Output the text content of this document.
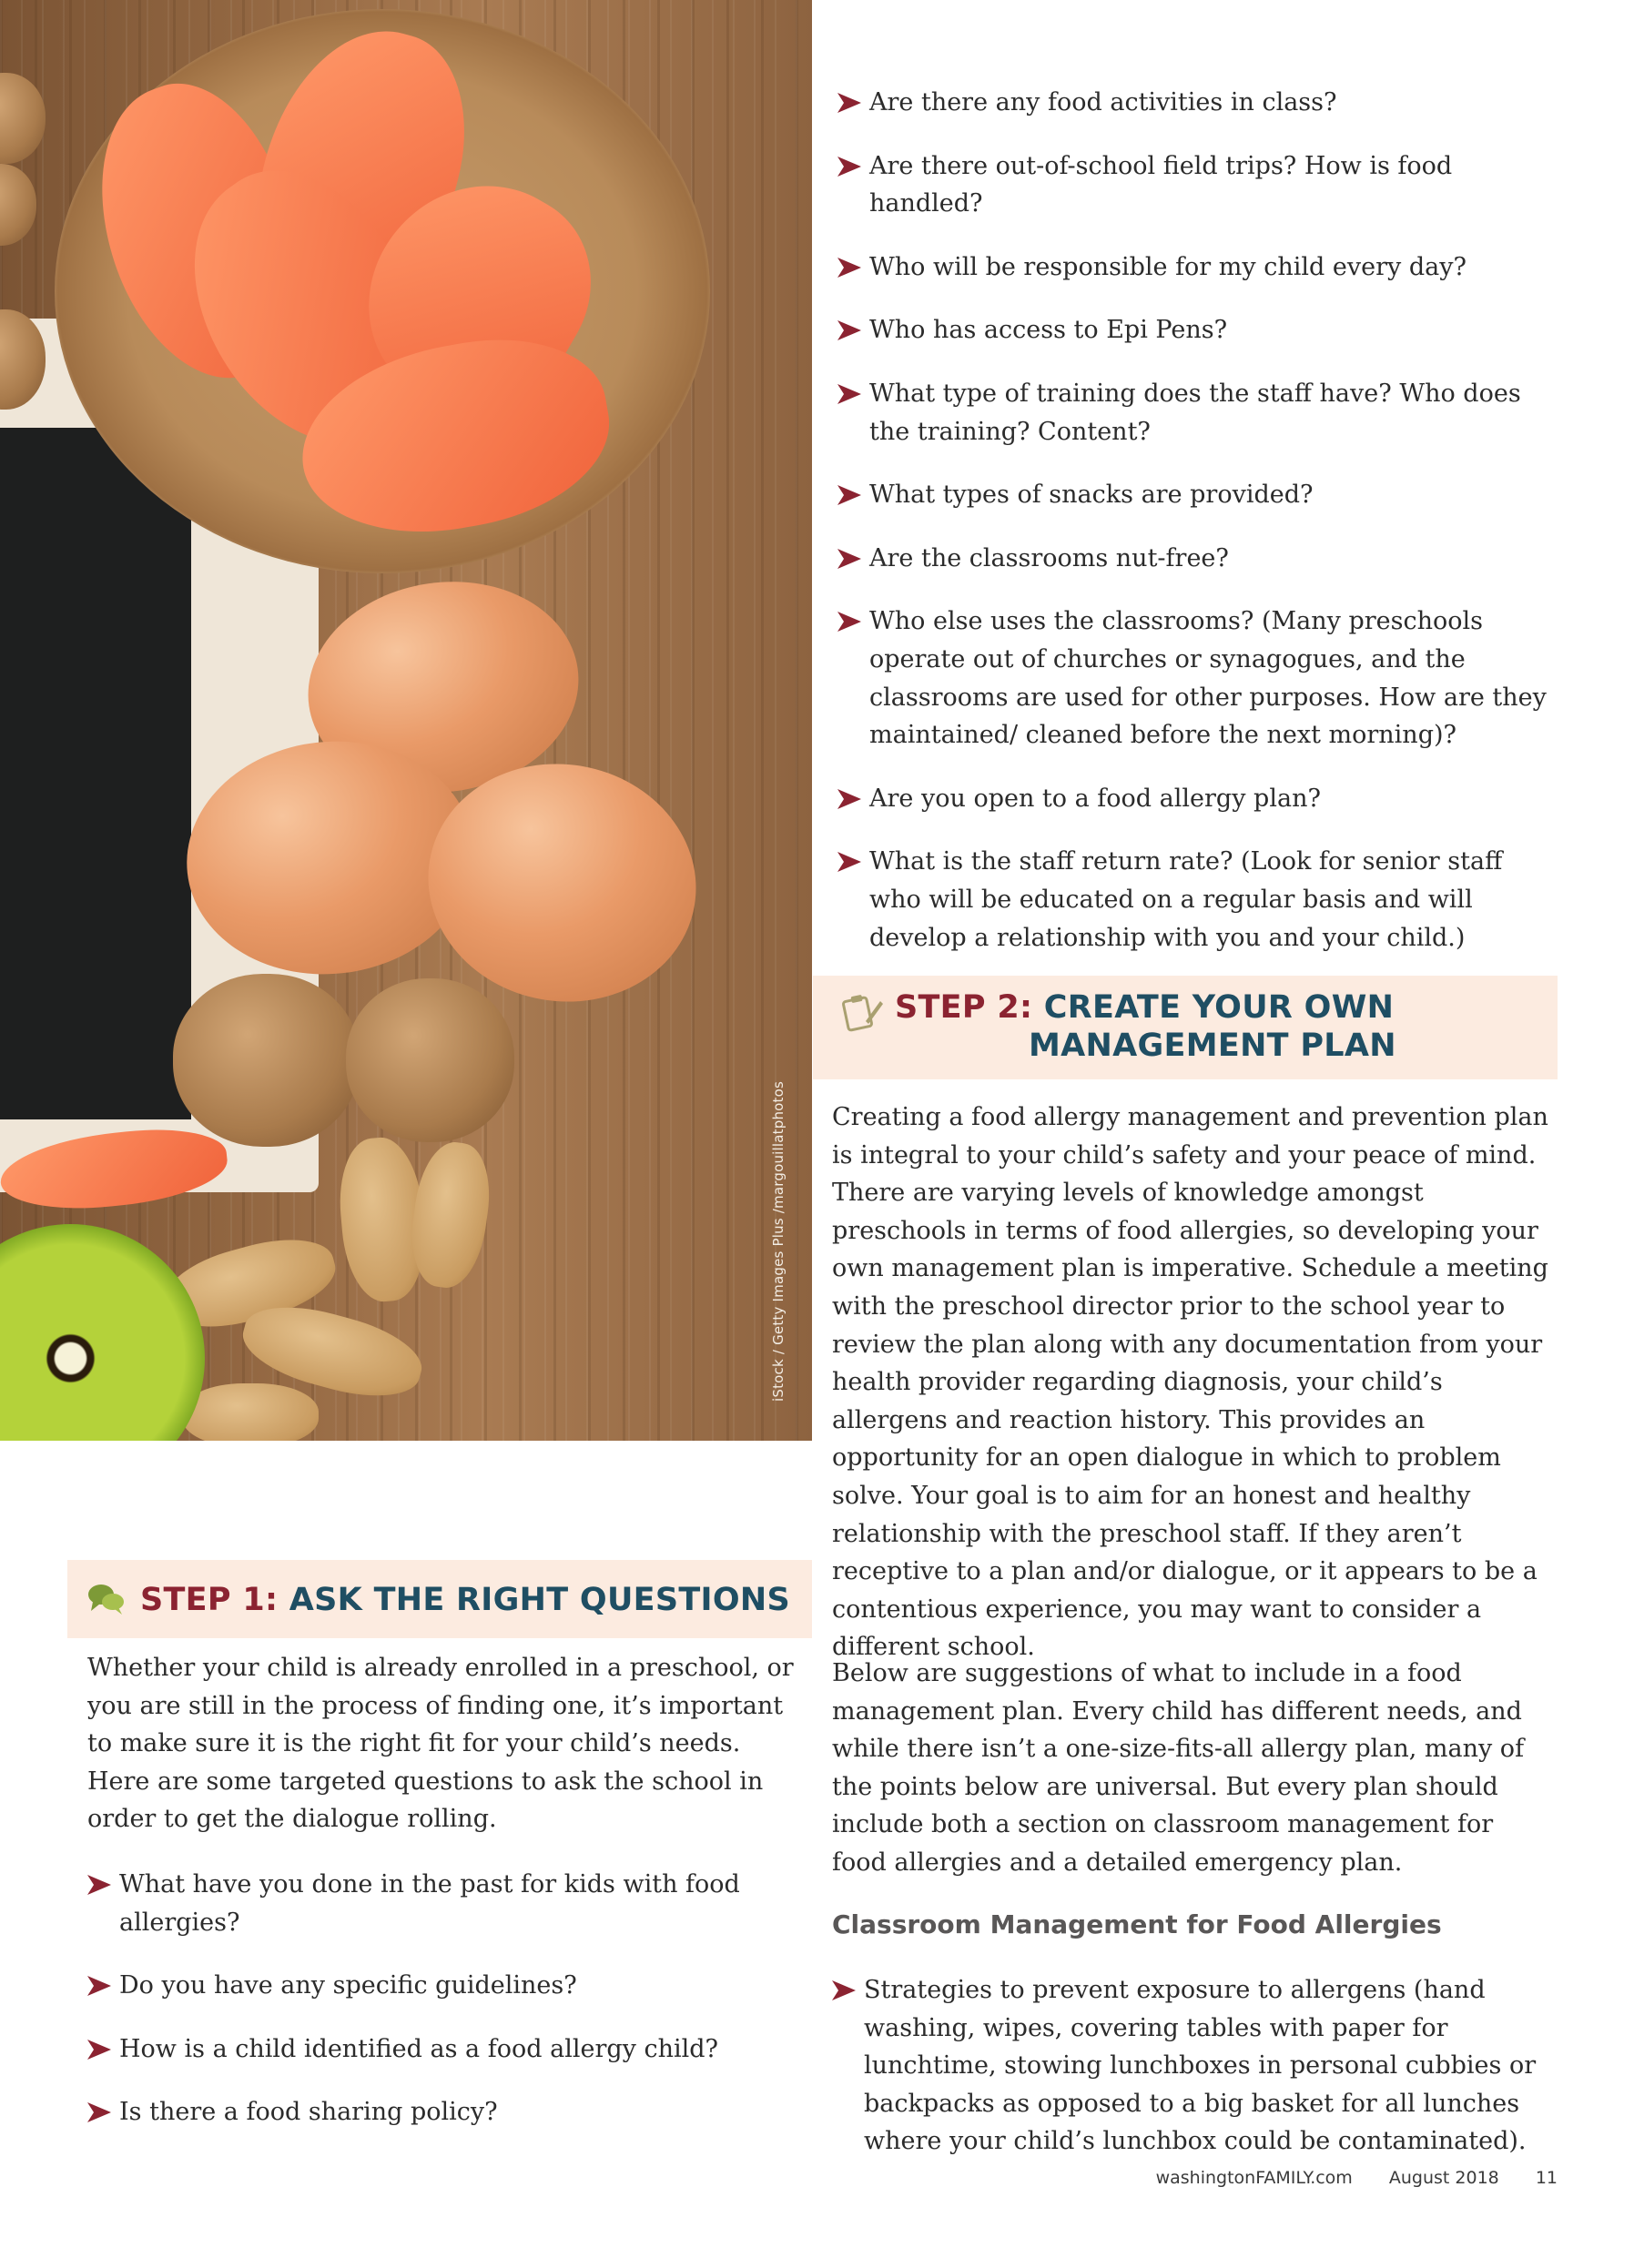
iStock / Getty Images Plus /margouillatphotos
Are there any food activities in class?
Are there out-of-school field trips? How is food handled?
Who will be responsible for my child every day?
Who has access to Epi Pens?
What type of training does the staff have? Who does the training? Content?
What types of snacks are provided?
Are the classrooms nut-free?
Who else uses the classrooms? (Many preschools operate out of churches or synagogues, and the classrooms are used for other purposes. How are they maintained/ cleaned before the next morning)?
Are you open to a food allergy plan?
What is the staff return rate? (Look for senior staff who will be educated on a regular basis and will develop a relationship with you and your child.)
STEP 2: CREATE YOUR OWN
MANAGEMENT PLAN
Creating a food allergy management and prevention plan is integral to your child’s safety and your peace of mind. There are varying levels of knowledge amongst preschools in terms of food allergies, so developing your own management plan is imperative. Schedule a meeting with the preschool director prior to the school year to review the plan along with any documentation from your health provider regarding diagnosis, your child’s allergens and reaction history. This provides an opportunity for an open dialogue in which to problem solve. Your goal is to aim for an honest and healthy relationship with the preschool staff. If they aren’t receptive to a plan and/or dialogue, or it appears to be a contentious experience, you may want to consider a different school.
Below are suggestions of what to include in a food management plan. Every child has different needs, and while there isn’t a one-size-fits-all allergy plan, many of the points below are universal. But every plan should include both a section on classroom management for food allergies and a detailed emergency plan.
Classroom Management for Food Allergies
Strategies to prevent exposure to allergens (hand washing, wipes, covering tables with paper for lunchtime, stowing lunchboxes in personal cubbies or backpacks as opposed to a big basket for all lunches where your child’s lunchbox could be contaminated).
STEP 1: ASK THE RIGHT QUESTIONS
Whether your child is already enrolled in a preschool, or you are still in the process of finding one, it’s important to make sure it is the right fit for your child’s needs. Here are some targeted questions to ask the school in order to get the dialogue rolling.
What have you done in the past for kids with food allergies?
Do you have any specific guidelines?
How is a child identified as a food allergy child?
Is there a food sharing policy?
washingtonFAMILY.com August 2018 11
